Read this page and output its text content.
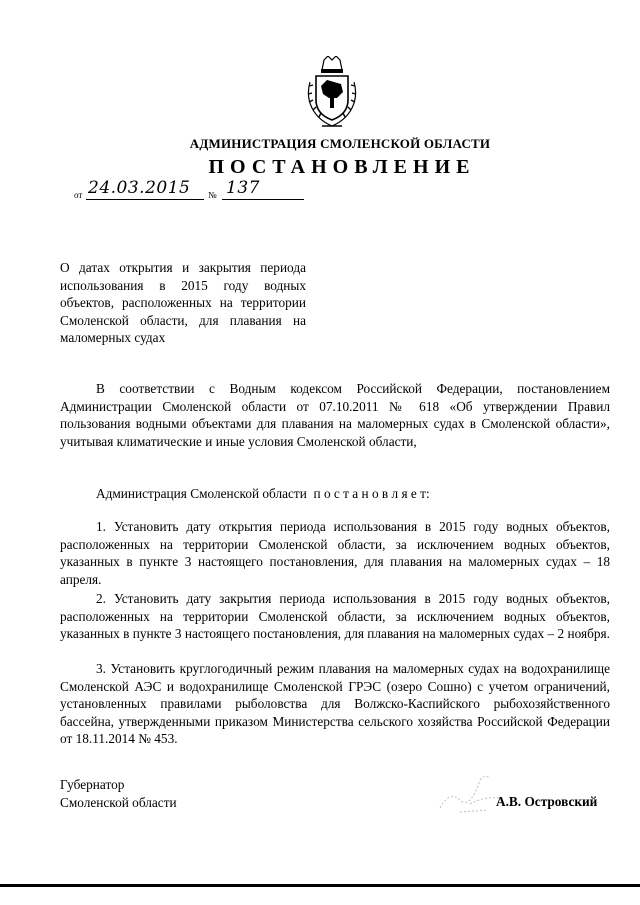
АДМИНИСТРАЦИЯ СМОЛЕНСКОЙ ОБЛАСТИ
ПОСТАНОВЛЕНИЕ
от 24.03.2015 № 137
О датах открытия и закрытия периода использования в 2015 году водных объектов, расположенных на территории Смоленской области, для плавания на маломерных судах
В соответствии с Водным кодексом Российской Федерации, постановлением Администрации Смоленской области от 07.10.2011 № 618 «Об утверждении Правил пользования водными объектами для плавания на маломерных судах в Смоленской области», учитывая климатические и иные условия Смоленской области,
Администрация Смоленской области  п о с т а н о в л я е т:
1. Установить дату открытия периода использования в 2015 году водных объектов, расположенных на территории Смоленской области, за исключением водных объектов, указанных в пункте 3 настоящего постановления, для плавания на маломерных судах – 18 апреля.
2. Установить дату закрытия периода использования в 2015 году водных объектов, расположенных на территории Смоленской области, за исключением водных объектов, указанных в пункте 3 настоящего постановления, для плавания на маломерных судах – 2 ноября.
3. Установить круглогодичный режим плавания на маломерных судах на водохранилище Смоленской АЭС и водохранилище Смоленской ГРЭС (озеро Сошно) с учетом ограничений, установленных правилами рыболовства для Волжско-Каспийского рыбохозяйственного бассейна, утвержденными приказом Министерства сельского хозяйства Российской Федерации от 18.11.2014 № 453.
Губернатор
Смоленской области	А.В. Островский
